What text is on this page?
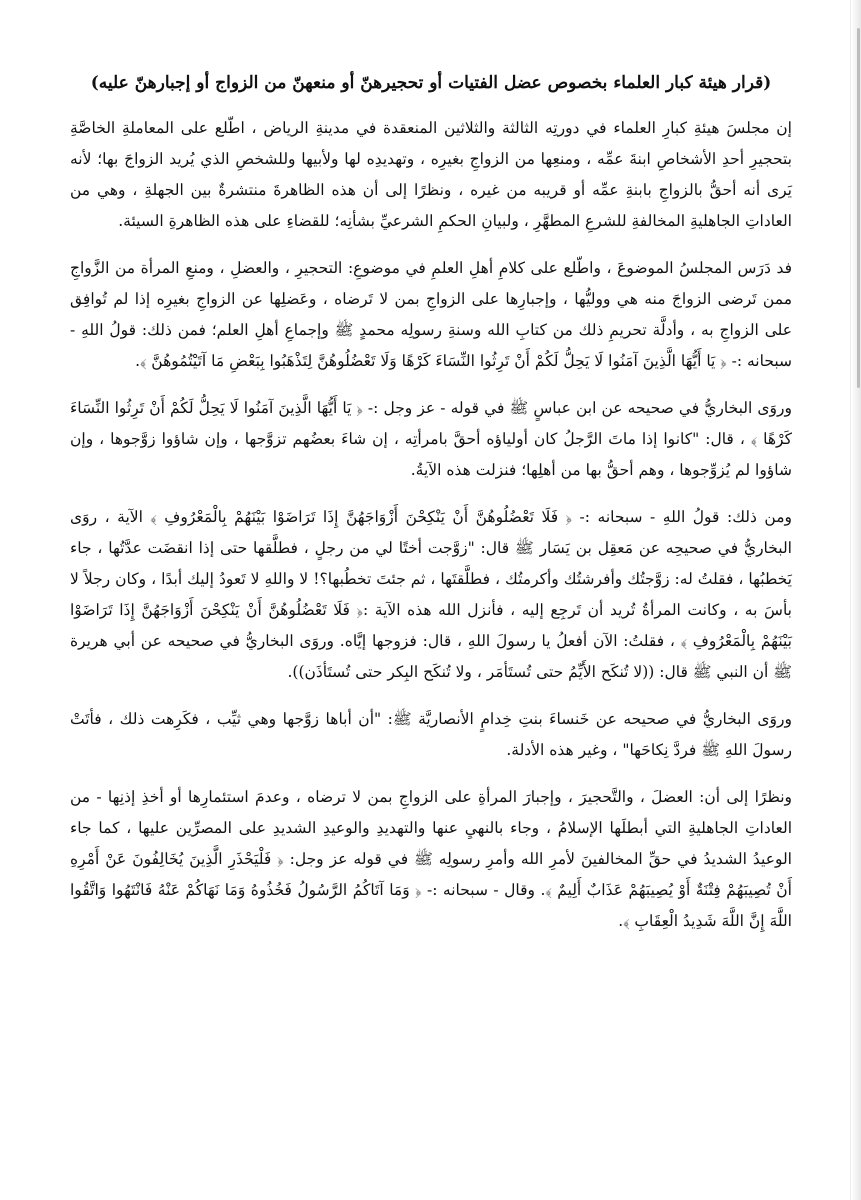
(قرار هيئة كبار العلماء بخصوص عضل الفتيات أو تحجيرهنّ أو منعهنّ من الزواج أو إجبارهنّ عليه)

إن مجلسَ هيئةِ كبارِ العلماء في دورتِه الثالثة والثلاثين المنعقدة في مدينةِ الرياض ، اطّلع على المعاملةِ الخاصَّةِ بتحجيرِ أحدِ الأشخاصِ ابنةَ عمِّه ، ومنعِها من الزواجِ بغيرِه ، وتهديدِه لها ولأبيها وللشخصِ الذي يُريد الزواجَ بها؛ لأنه يَرى أنه أحقُّ بالزواجِ بابنةِ عمِّه أو قريبه من غيره ، ونظرًا إلى أن هذه الظاهرةَ منتشرةٌ بين الجهلةِ ، وهي من العاداتِ الجاهليةِ المخالفةِ للشرعِ المطهَّرِ ، ولبيانِ الحكمِ الشرعيِّ بشأنِه؛ للقضاءِ على هذه الظاهرةِ السيئة.

فد دَرَس المجلسُ الموضوعَ ، واطّلع على كلامِ أهلِ العلمِ في موضوعِ: التحجيرِ ، والعضلِ ، ومنعِ المرأة من الزَّواجِ ممن تَرضى الزواجَ منه هي ووليُّها ، وإجبارِها على الزواجِ بمن لا تَرضاه ، وعَضلِها عن الزواجِ بغيرِه إذا لم تُوافِق على الزواجِ به ، وأدلَّة تحريمِ ذلك من كتابِ الله وسنةِ رسولِه محمدٍ ﷺ وإجماعِ أهلِ العلم؛ فمن ذلك: قولُ اللهِ - سبحانه :- ﴿ يَا أَيُّهَا الَّذِينَ آمَنُوا لَا يَحِلُّ لَكُمْ أَنْ تَرِثُوا النِّسَاءَ كَرْهًا وَلَا تَعْضُلُوهُنَّ لِتَذْهَبُوا بِبَعْضِ مَا آتَيْتُمُوهُنَّ ﴾.

وروَى البخاريُّ في صحيحه عن ابن عباسٍ ﷺ في قوله - عز وجل :- ﴿ يَا أَيُّهَا الَّذِينَ آمَنُوا لَا يَحِلُّ لَكُمْ أَنْ تَرِثُوا النِّسَاءَ كَرْهًا ﴾ ، قال: "كانوا إذا ماتَ الرَّجلُ كان أولياؤه أحقَّ بامرأتِه ، إن شاءَ بعضُهم تزوَّجها ، وإن شاؤوا زوَّجوها ، وإن شاؤوا لم يُزوِّجوها ، وهم أحقُّ بها من أهلِها؛ فنزلت هذه الآيةُ.

ومن ذلك: قولُ اللهِ - سبحانه :- ﴿ فَلَا تَعْضُلُوهُنَّ أَنْ يَنْكِحْنَ أَزْوَاجَهُنَّ إِذَا تَرَاضَوْا بَيْنَهُمْ بِالْمَعْرُوفِ ﴾ الآية ، روَى البخاريُّ في صحيحِه عن مَعقِل بن يَسَار ﷺ قال: "زوَّجت أختًا لي من رجلٍ ، فطلَّقها حتى إذا انقضَت عدَّتُها ، جاء يَخطبُها ، فقلتُ له: زوَّجتُك وأفرشتُك وأكرمتُك ، فطلَّقتَها ، ثم جئتَ تخطُبها؟! لا واللهِ لا تَعودُ إليك أبدًا ، وكان رجلاً لا بأسَ به ، وكانت المرأةُ تُريد أن تَرجِع إليه ، فأنزل الله هذه الآية :﴿ فَلَا تَعْضُلُوهُنَّ أَنْ يَنْكِحْنَ أَزْوَاجَهُنَّ إِذَا تَرَاضَوْا بَيْنَهُمْ بِالْمَعْرُوفِ ﴾ ، فقلتُ: الآن أفعلُ يا رسولَ اللهِ ، قال: فزوجها إيَّاه. وروَى البخاريُّ في صحيحه عن أبي هريرة ﷺ أن النبي ﷺ قال: ((لا تُنكَح الأَيِّمُ حتى تُستَأمَر ، ولا تُنكَح البِكر حتى تُستَأذَن)).

وروَى البخاريُّ في صحيحه عن خَنساءَ بنتِ خِدامٍ الأنصاريَّة ﷺ: "أن أباها زوَّجها وهي ثيِّب ، فكَرِهت ذلك ، فأتَتْ رسولَ اللهِ ﷺ فردَّ نِكاحَها" ، وغير هذه الأدلة.

ونظرًا إلى أن: العضلَ ، والتَّحجيرَ ، وإجبارَ المرأةِ على الزواجِ بمن لا ترضاه ، وعدمَ استئمارِها أو أخذِ إذنِها - من العاداتِ الجاهليةِ التي أبطلَها الإسلامُ ، وجاء بالنهيِ عنها والتهديدِ والوعيدِ الشديدِ على المصرِّين عليها ، كما جاء الوعيدُ الشديدُ في حقِّ المخالفينَ لأمرِ الله وأمرِ رسولِه ﷺ في قوله عز وجل: ﴿ فَلْيَحْذَرِ الَّذِينَ يُخَالِفُونَ عَنْ أَمْرِهِ أَنْ تُصِيبَهُمْ فِتْنَةٌ أَوْ يُصِيبَهُمْ عَذَابٌ أَلِيمٌ ﴾. وقال - سبحانه :- ﴿ وَمَا آتَاكُمُ الرَّسُولُ فَخُذُوهُ وَمَا نَهَاكُمْ عَنْهُ فَانْتَهُوا وَاتَّقُوا اللَّهَ إِنَّ اللَّهَ شَدِيدُ الْعِقَابِ ﴾.
